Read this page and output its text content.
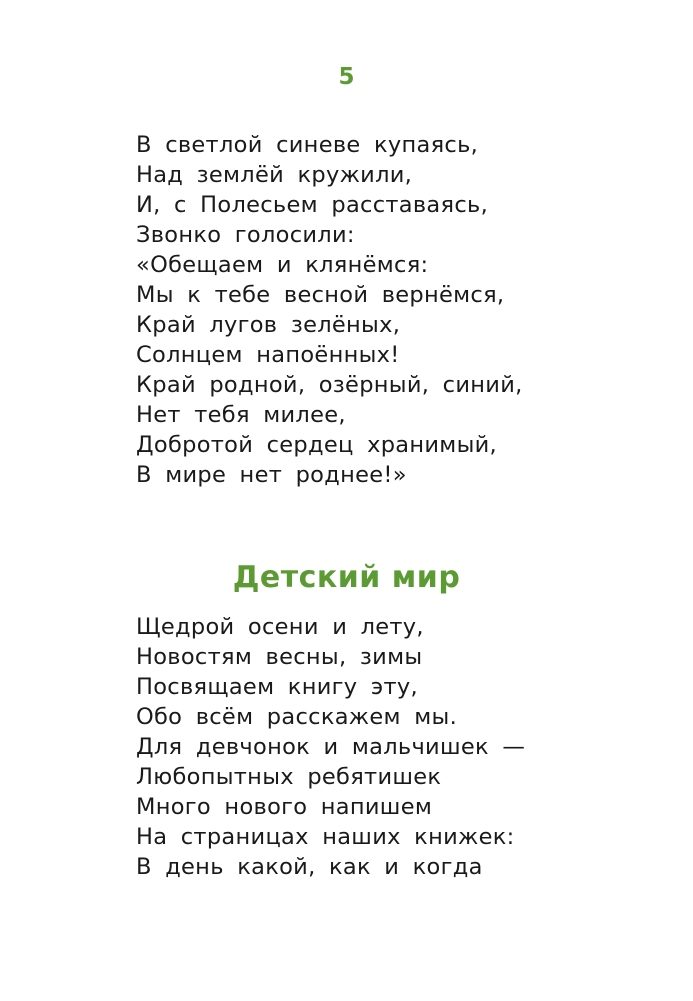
5
В светлой синеве купаясь,
Над землёй кружили,
И, с Полесьем расставаясь,
Звонко голосили:
«Обещаем и клянёмся:
Мы к тебе весной вернёмся,
Край лугов зелёных,
Солнцем напоённых!
Край родной, озёрный, синий,
Нет тебя милее,
Добротой сердец хранимый,
В мире нет роднее!»
Детский мир
Щедрой осени и лету,
Новостям весны, зимы
Посвящаем книгу эту,
Обо всём расскажем мы.
Для девчонок и мальчишек —
Любопытных ребятишек
Много нового напишем
На страницах наших книжек:
В день какой, как и когда
